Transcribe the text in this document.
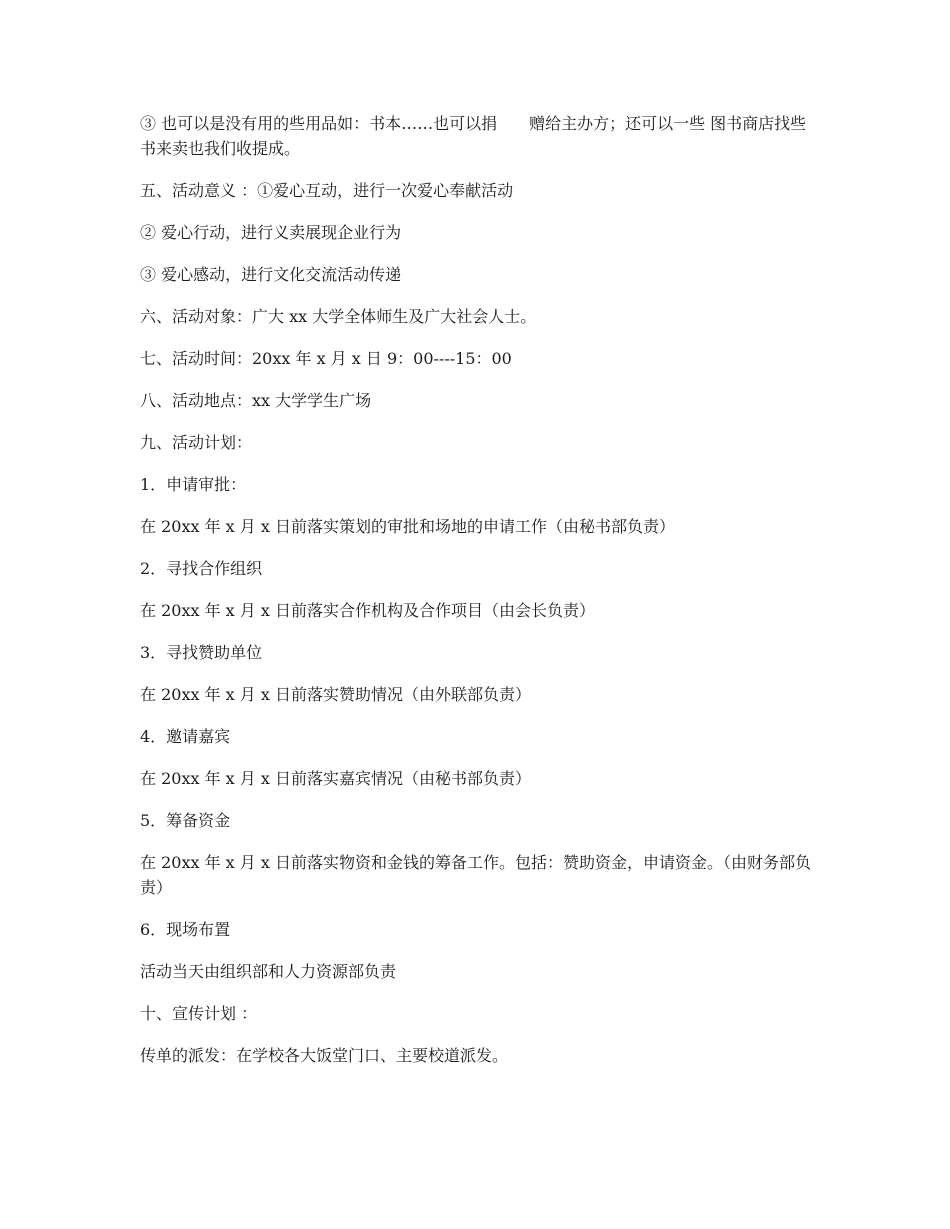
③ 也可以是没有用的些用品如：书本……也可以捐　　赠给主办方；还可以一些 图书商店找些书来卖也我们收提成。

五、活动意义 ：①爱心互动，进行一次爱心奉献活动

② 爱心行动，进行义卖展现企业行为

③ 爱心感动，进行文化交流活动传递

六、活动对象：广大 xx 大学全体师生及广大社会人士。

七、活动时间：20xx 年 x 月 x 日 9：00----15：00

八、活动地点：xx 大学学生广场

九、活动计划：

1．申请审批：

在 20xx 年 x 月 x 日前落实策划的审批和场地的申请工作（由秘书部负责）

2．寻找合作组织

在 20xx 年 x 月 x 日前落实合作机构及合作项目（由会长负责）

3．寻找赞助单位

在 20xx 年 x 月 x 日前落实赞助情况（由外联部负责）

4．邀请嘉宾

在 20xx 年 x 月 x 日前落实嘉宾情况（由秘书部负责）

5．筹备资金

在 20xx 年 x 月 x 日前落实物资和金钱的筹备工作。包括：赞助资金，申请资金。（由财务部负责）

6．现场布置

活动当天由组织部和人力资源部负责

十、宣传计划 ：

传单的派发：在学校各大饭堂门口、主要校道派发。
